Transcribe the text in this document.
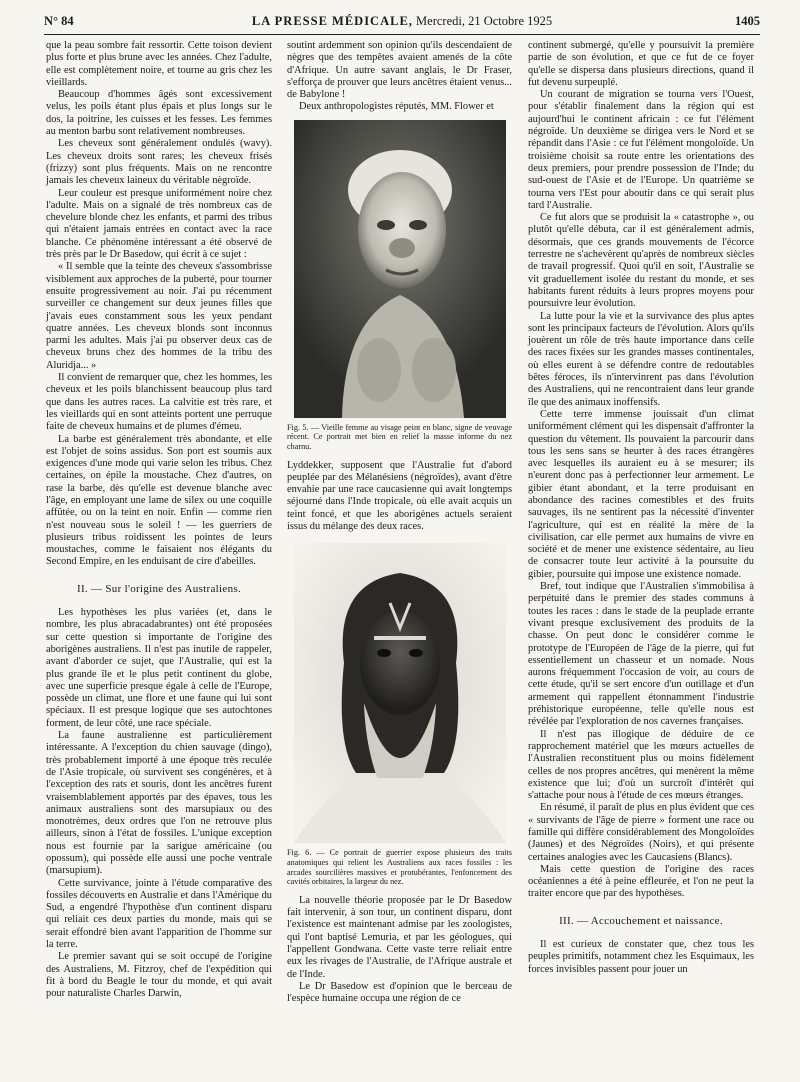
N° 84	LA PRESSE MÉDICALE, Mercredi, 21 Octobre 1925	1405

que la peau sombre fait ressortir. Cette toison devient plus forte et plus brune avec les années. Chez l'adulte, elle est complètement noire, et tourne au gris chez les vieillards.

Beaucoup d'hommes âgés sont excessivement velus, les poils étant plus épais et plus longs sur le dos, la poitrine, les cuisses et les fesses. Les femmes au menton barbu sont relativement nombreuses.

Les cheveux sont généralement ondulés (wavy). Les cheveux droits sont rares; les cheveux frisés (frizzy) sont plus fréquents. Mais on ne rencontre jamais les cheveux laineux du véritable nègroïde.

Leur couleur est presque uniformément noire chez l'adulte. Mais on a signalé de très nombreux cas de chevelure blonde chez les enfants, et parmi des tribus qui n'étaient jamais entrées en contact avec la race blanche. Ce phénomène intéressant a été observé de très près par le Dr Basedow, qui écrit à ce sujet :

« Il semble que la teinte des cheveux s'assombrisse visiblement aux approches de la puberté, pour tourner ensuite progressivement au noir. J'ai pu récemment surveiller ce changement sur deux jeunes filles que j'avais eues constamment sous les yeux pendant quatre années. Les cheveux blonds sont inconnus parmi les adultes. Mais j'ai pu observer deux cas de cheveux bruns chez des hommes de la tribu des Aluridja... »

Il convient de remarquer que, chez les hommes, les cheveux et les poils blanchissent beaucoup plus tard que dans les autres races. La calvitie est très rare, et les vieillards qui en sont atteints portent une perruque faite de cheveux humains et de plumes d'émeu.

La barbe est généralement très abondante, et elle est l'objet de soins assidus. Son port est soumis aux exigences d'une mode qui varie selon les tribus. Chez certaines, on épile la moustache. Chez d'autres, on rase la barbe, dès qu'elle est devenue blanche avec l'âge, en employant une lame de silex ou une coquille affûtée, ou on la teint en noir. Enfin — comme rien n'est nouveau sous le soleil ! — les guerriers de plusieurs tribus roidissent les pointes de leurs moustaches, comme le faisaient nos élégants du Second Empire, en les enduisant de cire d'abeilles.

II. — Sur l'origine des Australiens.

Les hypothèses les plus variées (et, dans le nombre, les plus abracadabrantes) ont été proposées sur cette question si importante de l'origine des aborigènes australiens. Il n'est pas inutile de rappeler, avant d'aborder ce sujet, que l'Australie, qui est la plus grande île et le plus petit continent du globe, avec une superficie presque égale à celle de l'Europe, possède un climat, une flore et une faune qui lui sont spéciaux. Il est presque logique que ses autochtones forment, de leur côté, une race spéciale.

La faune australienne est particulièrement intéressante. A l'exception du chien sauvage (dingo), très probablement importé à une époque très reculée de l'Asie tropicale, où survivent ses congénères, et à l'exception des rats et souris, dont les ancêtres furent vraisemblablement apportés par des épaves, tous les animaux australiens sont des marsupiaux ou des monotrèmes, deux ordres que l'on ne retrouve plus ailleurs, sinon à l'état de fossiles. L'unique exception nous est fournie par la sarigue américaine (ou opossum), qui possède elle aussi une poche ventrale (marsupium).

Cette survivance, jointe à l'étude comparative des fossiles découverts en Australie et dans l'Amérique du Sud, a engendré l'hypothèse d'un continent disparu qui reliait ces deux parties du monde, mais qui se serait effondré bien avant l'apparition de l'homme sur la terre.

Le premier savant qui se soit occupé de l'origine des Australiens, M. Fitzroy, chef de l'expédition qui fit à bord du Beagle le tour du monde, et qui avait pour naturaliste Charles Darwin,

soutint ardemment son opinion qu'ils descendaient de nègres que des tempêtes avaient amenés de la côte d'Afrique. Un autre savant anglais, le Dr Fraser, s'efforça de prouver que leurs ancêtres étaient venus... de Babylone !

Deux anthropologistes réputés, MM. Flower et

Fig. 5. — Vieille femme au visage peint en blanc, signe de veuvage récent. Ce portrait met bien en relief la masse informe du nez charnu.

Lyddekker, supposent que l'Australie fut d'abord peuplée par des Mélanésiens (négroïdes), avant d'être envahie par une race caucasienne qui avait longtemps séjourné dans l'Inde tropicale, où elle avait acquis un teint foncé, et que les aborigènes actuels seraient issus du mélange des deux races.

Fig. 6. — Ce portrait de guerrier expose plusieurs des traits anatomiques qui relient les Australiens aux races fossiles : les arcades sourcilières massives et protubérantes, l'enfoncement des cavités orbitaires, la largeur du nez.

La nouvelle théorie proposée par le Dr Basedow fait intervenir, à son tour, un continent disparu, dont l'existence est maintenant admise par les zoologistes, qui l'ont baptisé Lemuria, et par les géologues, qui l'appellent Gondwana. Cette vaste terre reliait entre eux les rivages de l'Australie, de l'Afrique australe et de l'Inde.

Le Dr Basedow est d'opinion que le berceau de l'espèce humaine occupa une région de ce

continent submergé, qu'elle y poursuivit la première partie de son évolution, et que ce fut de ce foyer qu'elle se dispersa dans plusieurs directions, quand il fut devenu surpeuplé.

Un courant de migration se tourna vers l'Ouest, pour s'établir finalement dans la région qui est aujourd'hui le continent africain : ce fut l'élément négroïde. Un deuxième se dirigea vers le Nord et se répandit dans l'Asie : ce fut l'élément mongoloïde. Un troisième choisit sa route entre les orientations des deux premiers, pour prendre possession de l'Inde; du sud-ouest de l'Asie et de l'Europe. Un quatrième se tourna vers l'Est pour aboutir dans ce qui serait plus tard l'Australie.

Ce fut alors que se produisit la « catastrophe », ou plutôt qu'elle débuta, car il est généralement admis, désormais, que ces grands mouvements de l'écorce terrestre ne s'achevèrent qu'après de nombreux siècles de travail progressif. Quoi qu'il en soit, l'Australie se vit graduellement isolée du restant du monde, et ses habitants furent réduits à leurs propres moyens pour poursuivre leur évolution.

La lutte pour la vie et la survivance des plus aptes sont les principaux facteurs de l'évolution. Alors qu'ils jouèrent un rôle de très haute importance dans celle des races fixées sur les grandes masses continentales, où elles eurent à se défendre contre de redoutables bêtes féroces, ils n'intervinrent pas dans l'évolution des Australiens, qui ne rencontraient dans leur grande île que des animaux inoffensifs.

Cette terre immense jouissait d'un climat uniformément clément qui les dispensait d'affronter la question du vêtement. Ils pouvaient la parcourir dans tous les sens sans se heurter à des races étrangères avec lesquelles ils auraient eu à se mesurer; ils n'eurent donc pas à perfectionner leur armement. Le gibier étant abondant, et la terre produisant en abondance des racines comestibles et des fruits sauvages, ils ne sentirent pas la nécessité d'inventer l'agriculture, qui est en réalité la mère de la civilisation, car elle permet aux humains de vivre en société et de mener une existence sédentaire, au lieu de consacrer toute leur activité à la poursuite du gibier, poursuite qui impose une existence nomade.

Bref, tout indique que l'Australien s'immobilisa à perpétuité dans le premier des stades communs à toutes les races : dans le stade de la peuplade errante vivant presque exclusivement des produits de la chasse. On peut donc le considérer comme le prototype de l'Européen de l'âge de la pierre, qui fut essentiellement un chasseur et un nomade. Nous aurons fréquemment l'occasion de voir, au cours de cette étude, qu'il se sert encore d'un outillage et d'un armement qui rappellent étonnamment l'industrie préhistorique européenne, telle qu'elle nous est révélée par l'exploration de nos cavernes françaises.

Il n'est pas illogique de déduire de ce rapprochement matériel que les mœurs actuelles de l'Australien reconstituent plus ou moins fidèlement celles de nos propres ancêtres, qui menèrent la même existence que lui; d'où un surcroît d'intérêt qui s'attache pour nous à l'étude de ces mœurs étranges.

En résumé, il paraît de plus en plus évident que ces « survivants de l'âge de pierre » forment une race ou famille qui diffère considérablement des Mongoloïdes (Jaunes) et des Négroïdes (Noirs), et qui présente certaines analogies avec les Caucasiens (Blancs).

Mais cette question de l'origine des races océaniennes a été à peine effleurée, et l'on ne peut la traiter encore que par des hypothèses.

III. — Accouchement et naissance.

Il est curieux de constater que, chez tous les peuples primitifs, notamment chez les Esquimaux, les forces invisibles passent pour jouer un
